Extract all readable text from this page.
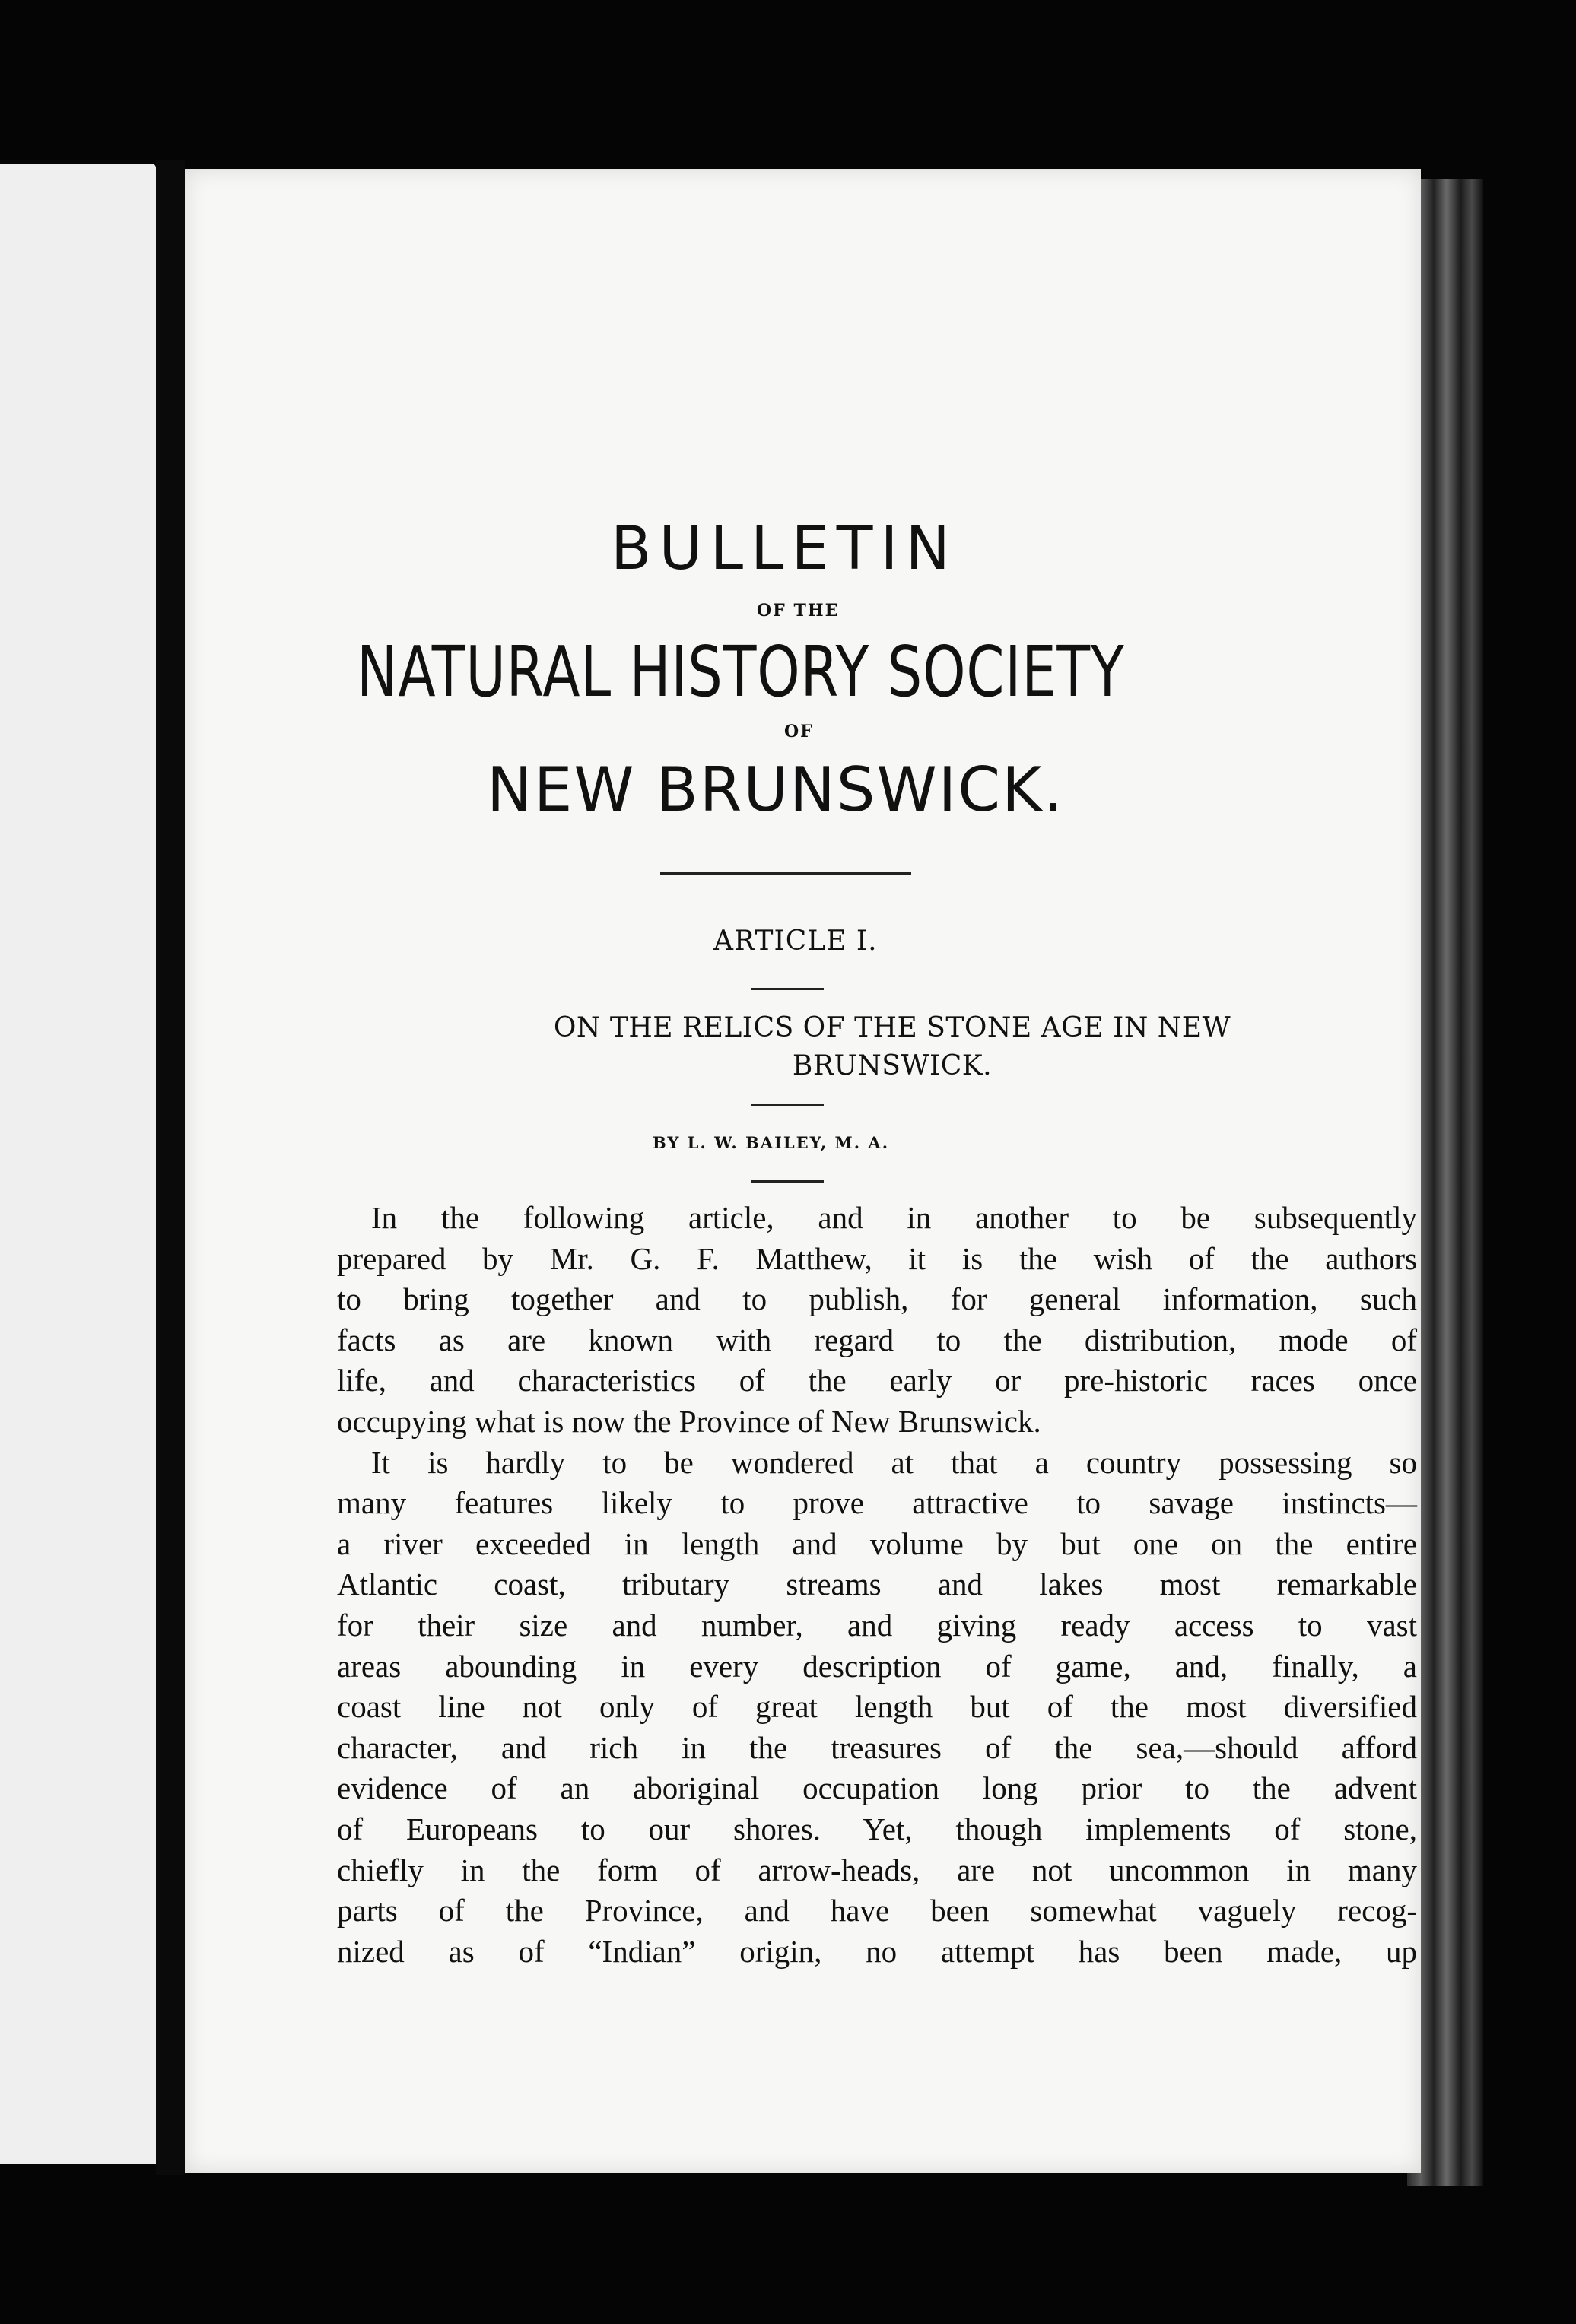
BULLETIN
OF THE
NATURAL HISTORY SOCIETY
OF
NEW BRUNSWICK.
ARTICLE I.
ON THE RELICS OF THE STONE AGE IN NEW
BRUNSWICK.
BY L. W. BAILEY, M. A.
In the following article, and in another to be subsequently
prepared by Mr. G. F. Matthew, it is the wish of the authors
to bring together and to publish, for general information, such
facts as are known with regard to the distribution, mode of
life, and characteristics of the early or pre-historic races once
occupying what is now the Province of New Brunswick.
It is hardly to be wondered at that a country possessing so
many features likely to prove attractive to savage instincts—
a river exceeded in length and volume by but one on the entire
Atlantic coast, tributary streams and lakes most remarkable
for their size and number, and giving ready access to vast
areas abounding in every description of game, and, finally, a
coast line not only of great length but of the most diversified
character, and rich in the treasures of the sea,—should afford
evidence of an aboriginal occupation long prior to the advent
of Europeans to our shores. Yet, though implements of stone,
chiefly in the form of arrow-heads, are not uncommon in many
parts of the Province, and have been somewhat vaguely recog-
nized as of “Indian” origin, no attempt has been made, up
